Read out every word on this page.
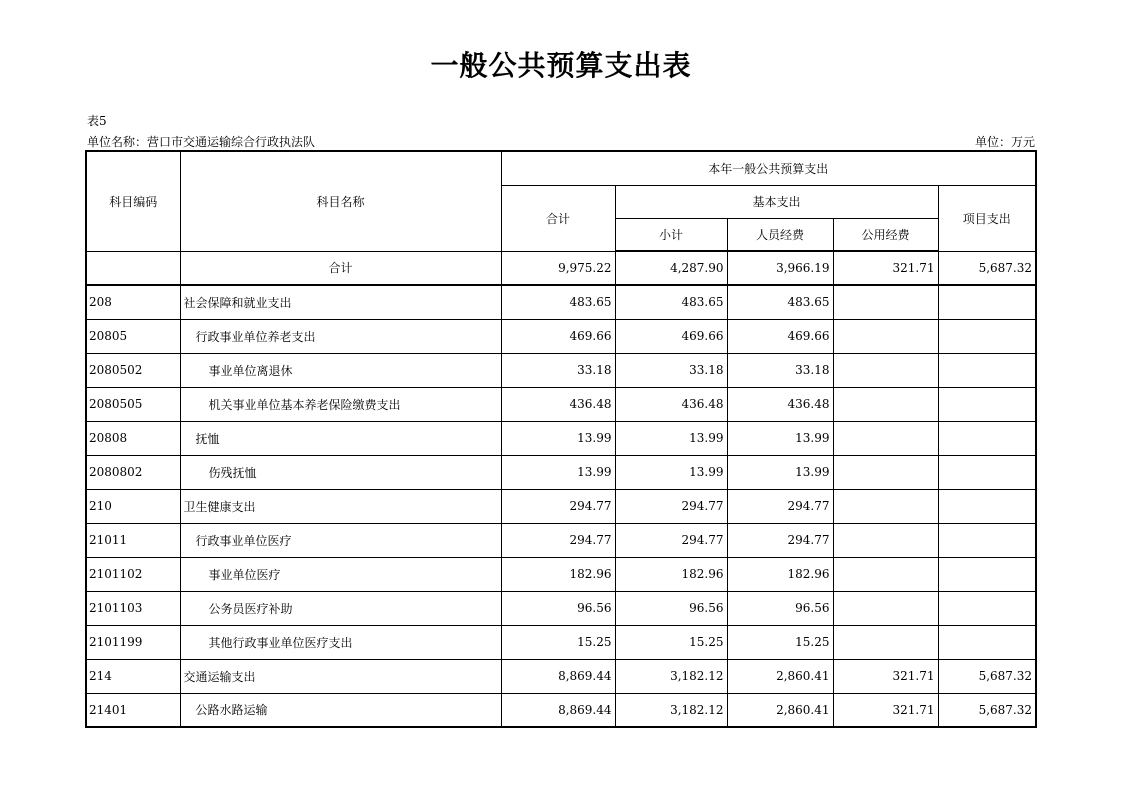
一般公共预算支出表
表5
单位名称：营口市交通运输综合行政执法队	单位：万元
科目编码	科目名称	本年一般公共预算支出				
		合计	基本支出			项目支出
			小计	人员经费	公用经费	
	合计	9,975.22	4,287.90	3,966.19	321.71	5,687.32
208	社会保障和就业支出	483.65	483.65	483.65		
20805	行政事业单位养老支出	469.66	469.66	469.66		
2080502	事业单位离退休	33.18	33.18	33.18		
2080505	机关事业单位基本养老保险缴费支出	436.48	436.48	436.48		
20808	抚恤	13.99	13.99	13.99		
2080802	伤残抚恤	13.99	13.99	13.99		
210	卫生健康支出	294.77	294.77	294.77		
21011	行政事业单位医疗	294.77	294.77	294.77		
2101102	事业单位医疗	182.96	182.96	182.96		
2101103	公务员医疗补助	96.56	96.56	96.56		
2101199	其他行政事业单位医疗支出	15.25	15.25	15.25		
214	交通运输支出	8,869.44	3,182.12	2,860.41	321.71	5,687.32
21401	公路水路运输	8,869.44	3,182.12	2,860.41	321.71	5,687.32
